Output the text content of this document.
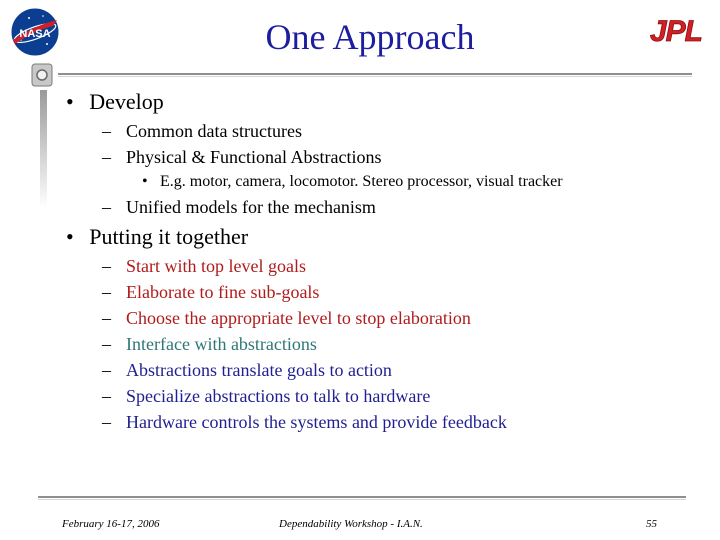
NASA	One Approach	JPL
• Develop
– Common data structures
– Physical & Functional Abstractions
• E.g. motor, camera, locomotor. Stereo processor, visual tracker
– Unified models for the mechanism
• Putting it together
– Start with top level goals
– Elaborate to fine sub-goals
– Choose the appropriate level to stop elaboration
– Interface with abstractions
– Abstractions translate goals to action
– Specialize abstractions to talk to hardware
– Hardware controls the systems and provide feedback
February 16-17, 2006	Dependability Workshop - I.A.N.	55
